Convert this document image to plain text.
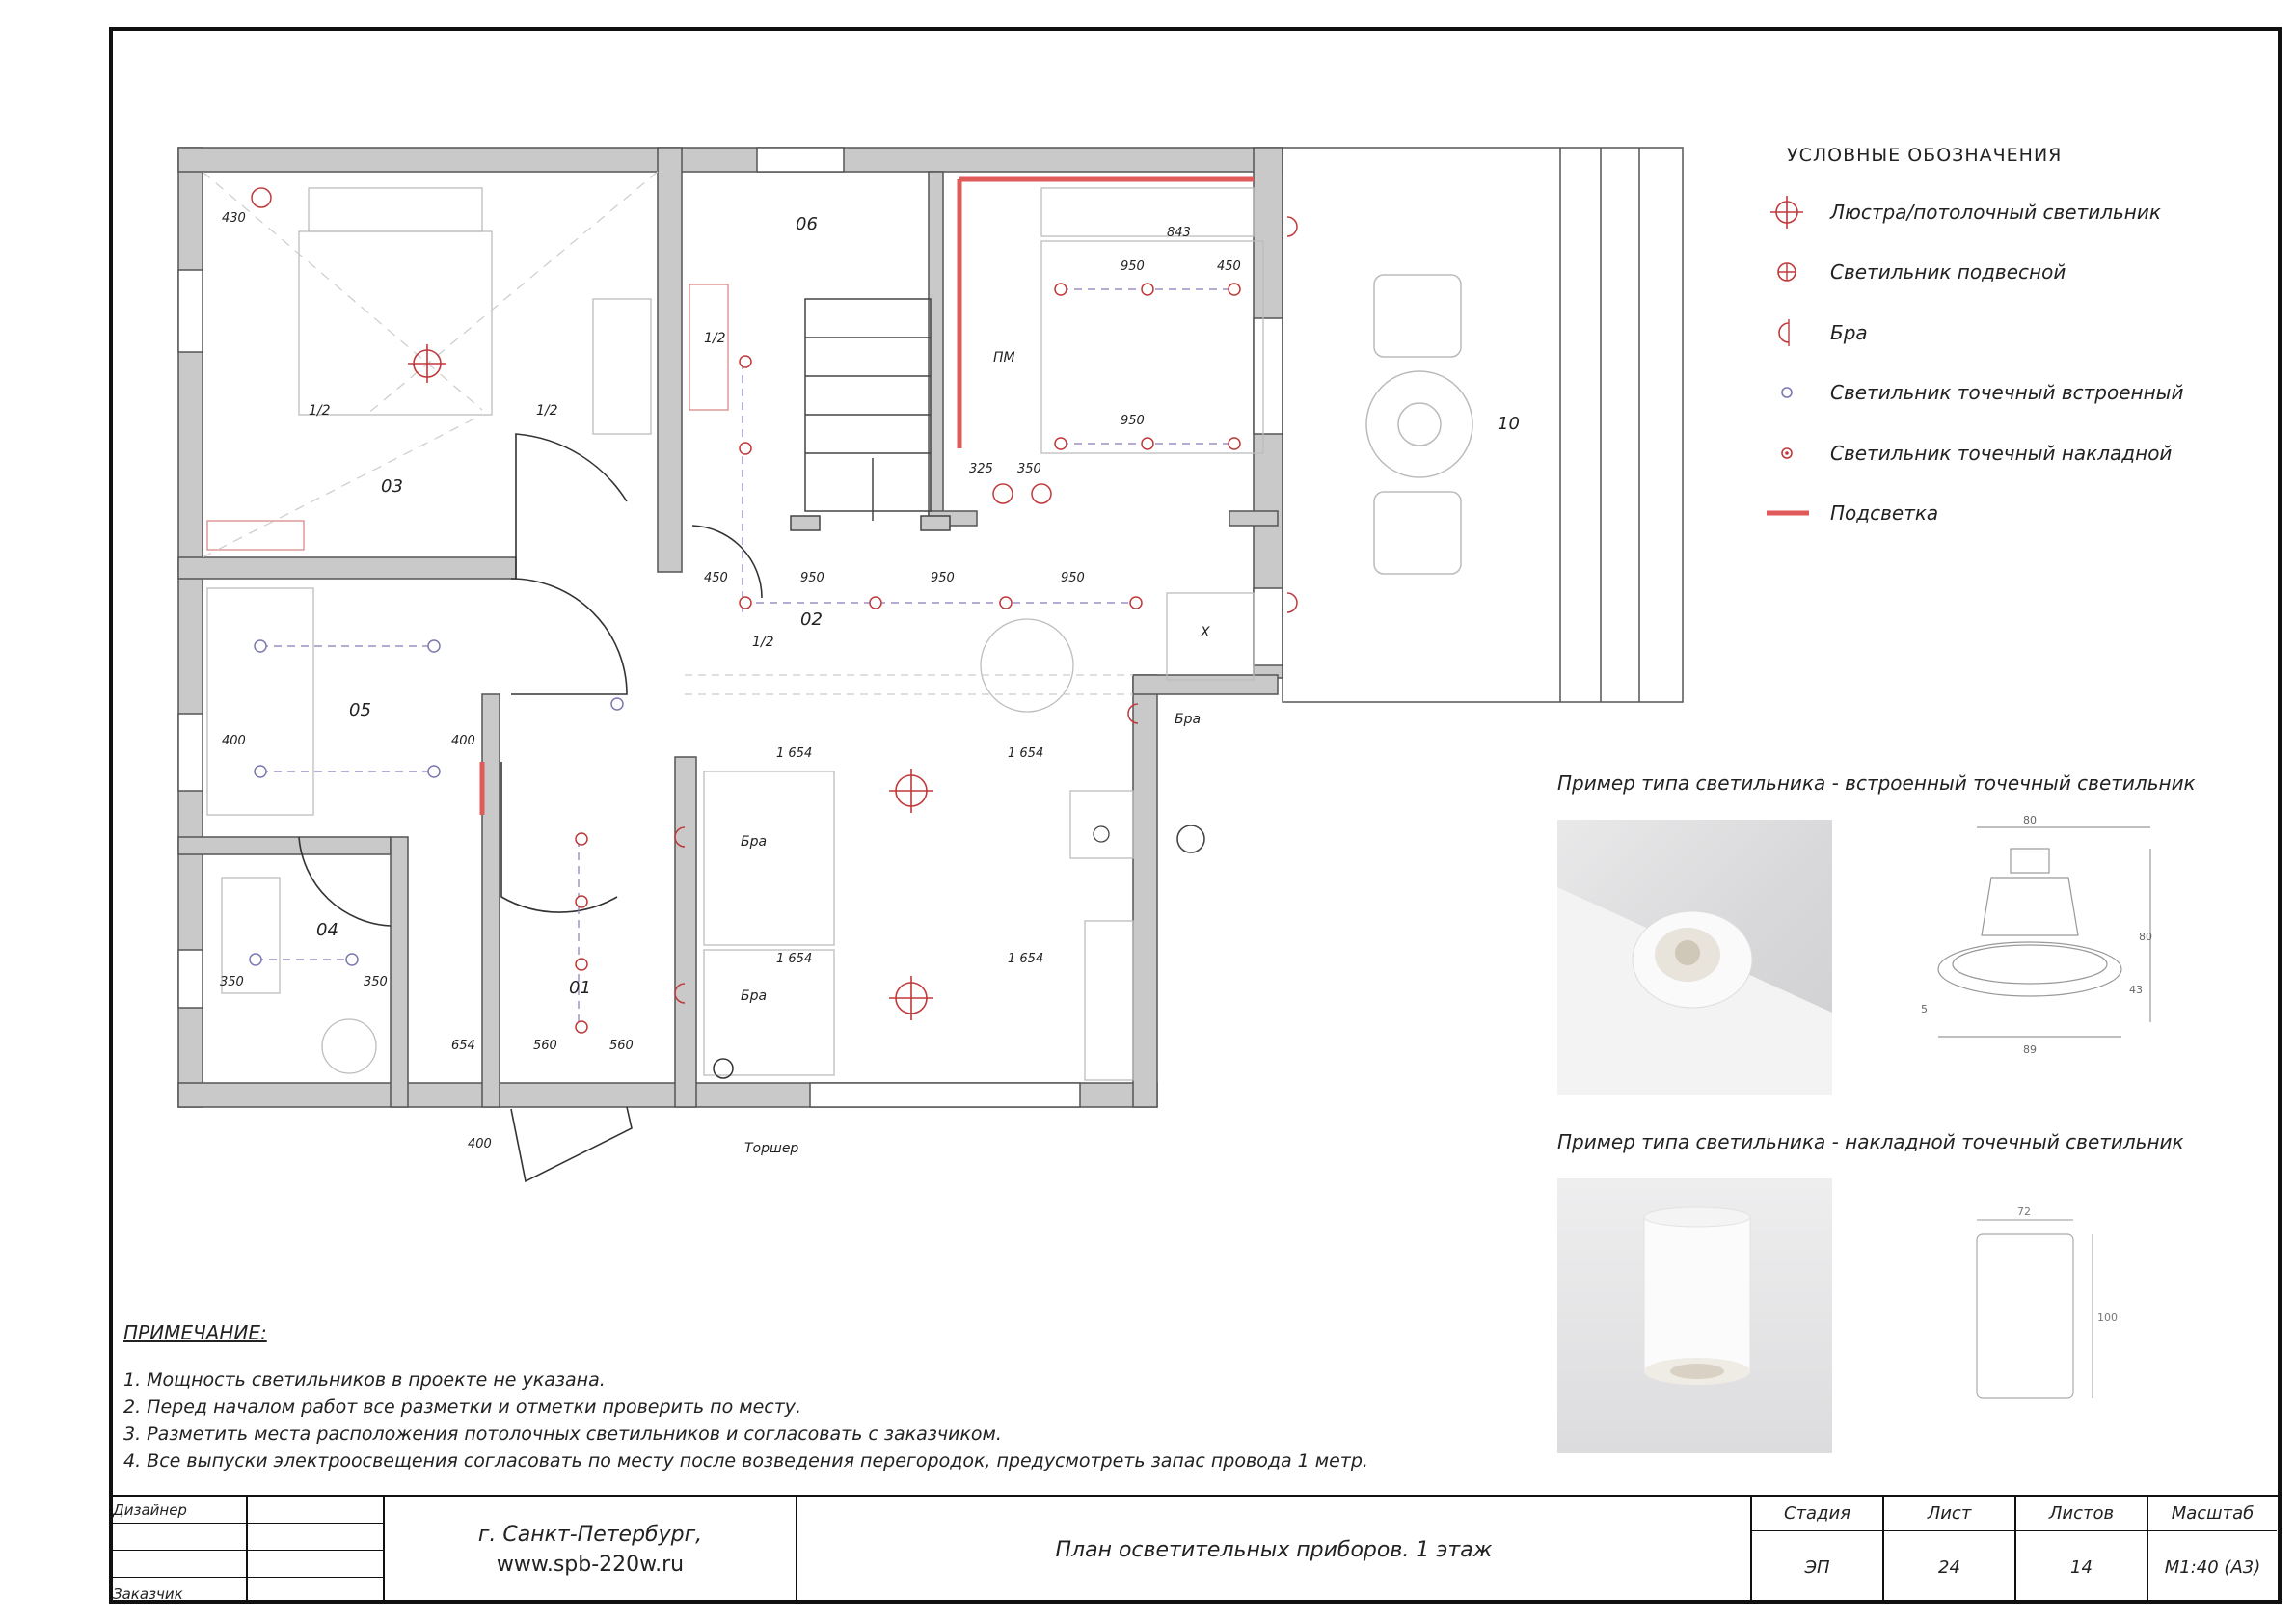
03
06
05
02
04
01
10
Бра
Бра
Бра
Торшер
ПМ
X
430
950	450
950
843
325 350
450	950	950	950
1 654	1 654
1 654	1 654
400	400
350	350
654	560	560
400
1/2	1/2
1/2
1/2
УСЛОВНЫЕ ОБОЗНАЧЕНИЯ
Люстра/потолочный светильник
Светильник подвесной
Бра
Светильник точечный встроенный
Светильник точечный накладной
Подсветка
Пример типа светильника - встроенный точечный светильник
80
80
43
89
5
Пример типа светильника - накладной точечный светильник
72
100
ПРИМЕЧАНИЕ:
1. Мощность светильников в проекте не указана.
2. Перед началом работ все разметки и отметки проверить по месту.
3. Разметить места расположения потолочных светильников и согласовать с заказчиком.
4. Все выпуски электроосвещения согласовать по месту после возведения перегородок, предусмотреть запас провода 1 метр.
Дизайнер
Заказчик
г. Санкт-Петербург,
www.spb-220w.ru
План осветительных приборов. 1 этаж
Стадия	Лист	Листов	Масштаб
ЭП	24	14	М1:40 (А3)
